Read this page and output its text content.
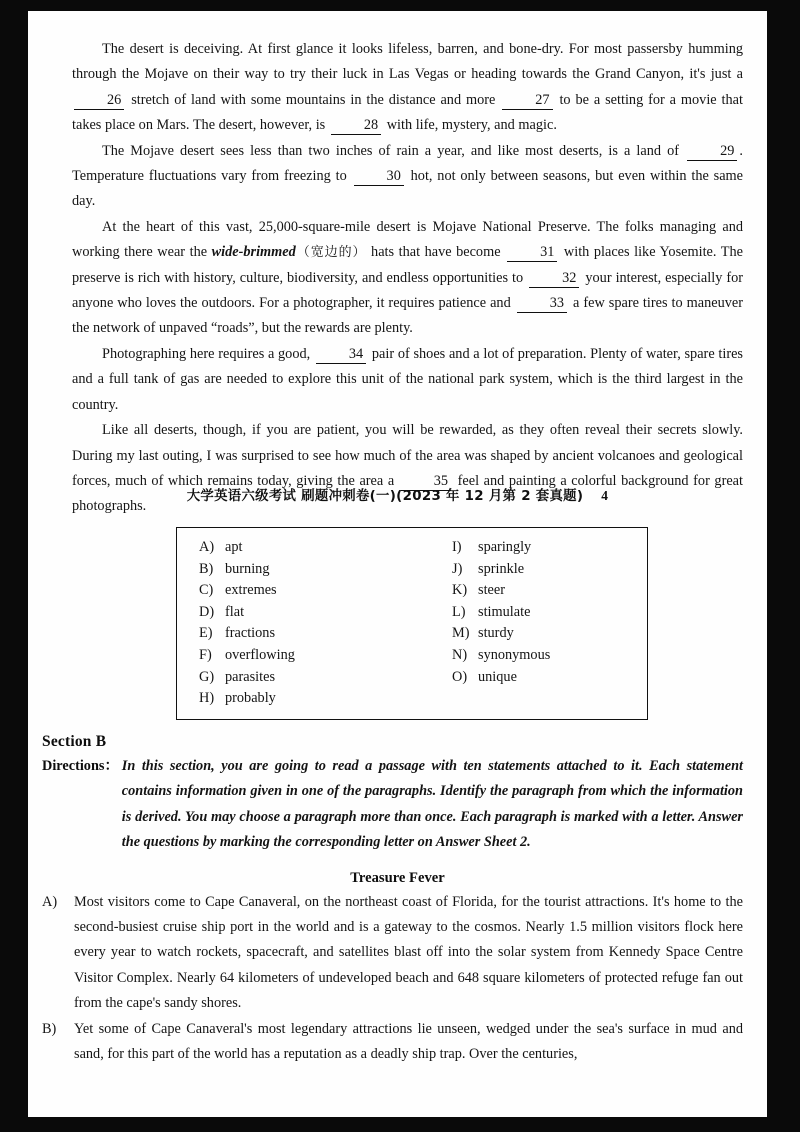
The desert is deceiving. At first glance it looks lifeless, barren, and bone-dry. For most passersby humming through the Mojave on their way to try their luck in Las Vegas or heading towards the Grand Canyon, it's just a 26 stretch of land with some mountains in the distance and more 27 to be a setting for a movie that takes place on Mars. The desert, however, is 28 with life, mystery, and magic.

The Mojave desert sees less than two inches of rain a year, and like most deserts, is a land of 29 . Temperature fluctuations vary from freezing to 30 hot, not only between seasons, but even within the same day.

At the heart of this vast, 25,000-square-mile desert is Mojave National Preserve. The folks managing and working there wear the wide-brimmed（宽边的） hats that have become 31 with places like Yosemite. The preserve is rich with history, culture, biodiversity, and endless opportunities to 32 your interest, especially for anyone who loves the outdoors. For a photographer, it requires patience and 33 a few spare tires to maneuver the network of unpaved “roads”, but the rewards are plenty.

Photographing here requires a good, 34 pair of shoes and a lot of preparation. Plenty of water, spare tires and a full tank of gas are needed to explore this unit of the national park system, which is the third largest in the country.

Like all deserts, though, if you are patient, you will be rewarded, as they often reveal their secrets slowly. During my last outing, I was surprised to see how much of the area was shaped by ancient volcanoes and geological forces, much of which remains today, giving the area a 35 feel and painting a colorful background for great photographs.

A) apt
B) burning
C) extremes
D) flat
E) fractions
F) overflowing
G) parasites
H) probably
I) sparingly
J) sprinkle
K) steer
L) stimulate
M) sturdy
N) synonymous
O) unique
Section B
Directions： In this section, you are going to read a passage with ten statements attached to it. Each statement contains information given in one of the paragraphs. Identify the paragraph from which the information is derived. You may choose a paragraph more than once. Each paragraph is marked with a letter. Answer the questions by marking the corresponding letter on Answer Sheet 2.
Treasure Fever
A)	Most visitors come to Cape Canaveral, on the northeast coast of Florida, for the tourist attractions. It's home to the second-busiest cruise ship port in the world and is a gateway to the cosmos. Nearly 1.5 million visitors flock here every year to watch rockets, spacecraft, and satellites blast off into the solar system from Kennedy Space Centre Visitor Complex. Nearly 64 kilometers of undeveloped beach and 648 square kilometers of protected refuge fan out from the cape's sandy shores.
B)	Yet some of Cape Canaveral's most legendary attractions lie unseen, wedged under the sea's surface in mud and sand, for this part of the world has a reputation as a deadly ship trap. Over the centuries,
大学英语六级考试 刷题冲刺卷(一)(2023 年 12 月第 2 套真题) 4
